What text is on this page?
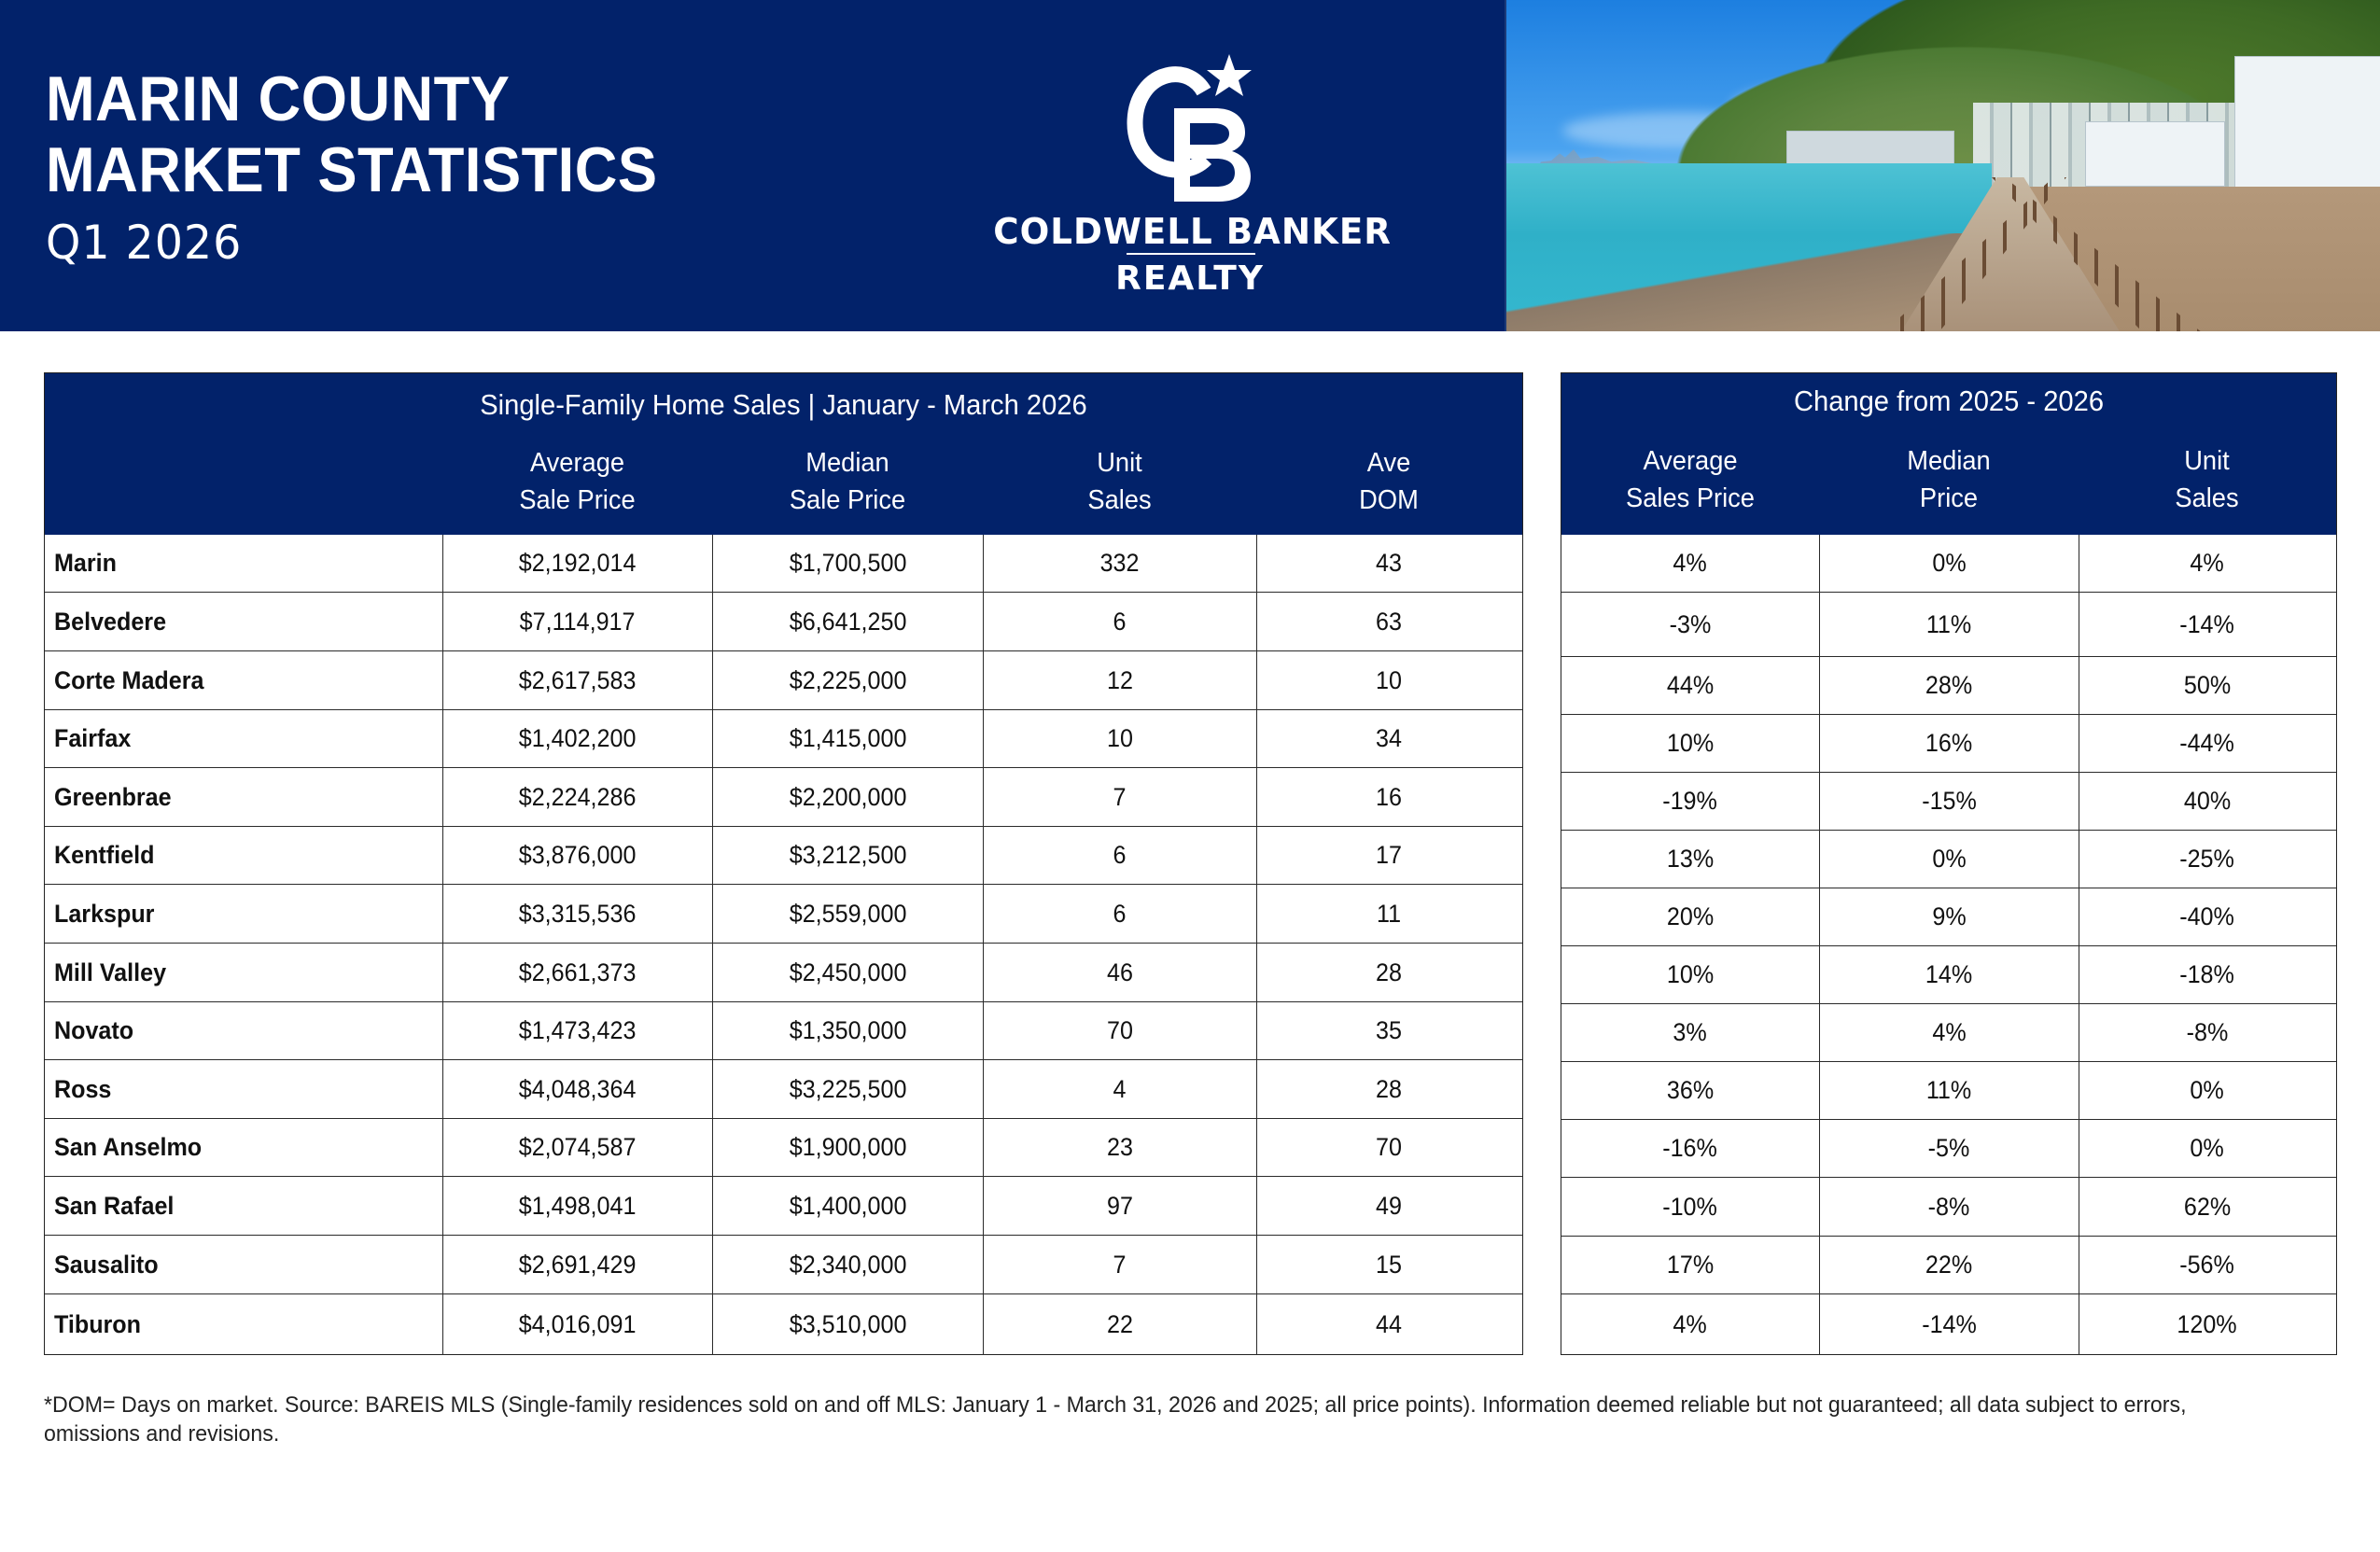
MARIN COUNTY
MARKET STATISTICS
Q1 2026	COLDWELL BANKER
REALTY
Single-Family Home Sales | January - March 2026
Average
Sale Price
Median
Sale Price
Unit
Sales
Ave
DOM
Marin	$2,192,014	$1,700,500	332	43
Belvedere	$7,114,917	$6,641,250	6	63
Corte Madera	$2,617,583	$2,225,000	12	10
Fairfax	$1,402,200	$1,415,000	10	34
Greenbrae	$2,224,286	$2,200,000	7	16
Kentfield	$3,876,000	$3,212,500	6	17
Larkspur	$3,315,536	$2,559,000	6	11
Mill Valley	$2,661,373	$2,450,000	46	28
Novato	$1,473,423	$1,350,000	70	35
Ross	$4,048,364	$3,225,500	4	28
San Anselmo	$2,074,587	$1,900,000	23	70
San Rafael	$1,498,041	$1,400,000	97	49
Sausalito	$2,691,429	$2,340,000	7	15
Tiburon	$4,016,091	$3,510,000	22	44
Change from 2025 - 2026
Average
Sales Price
Median
Price
Unit
Sales
4%	0%	4%
-3%	11%	-14%
44%	28%	50%
10%	16%	-44%
-19%	-15%	40%
13%	0%	-25%
20%	9%	-40%
10%	14%	-18%
3%	4%	-8%
36%	11%	0%
-16%	-5%	0%
-10%	-8%	62%
17%	22%	-56%
4%	-14%	120%
*DOM= Days on market. Source: BAREIS MLS (Single-family residences sold on and off MLS: January 1 - March 31, 2026 and 2025; all price points). Information deemed reliable but not guaranteed; all data subject to errors, omissions and revisions.
